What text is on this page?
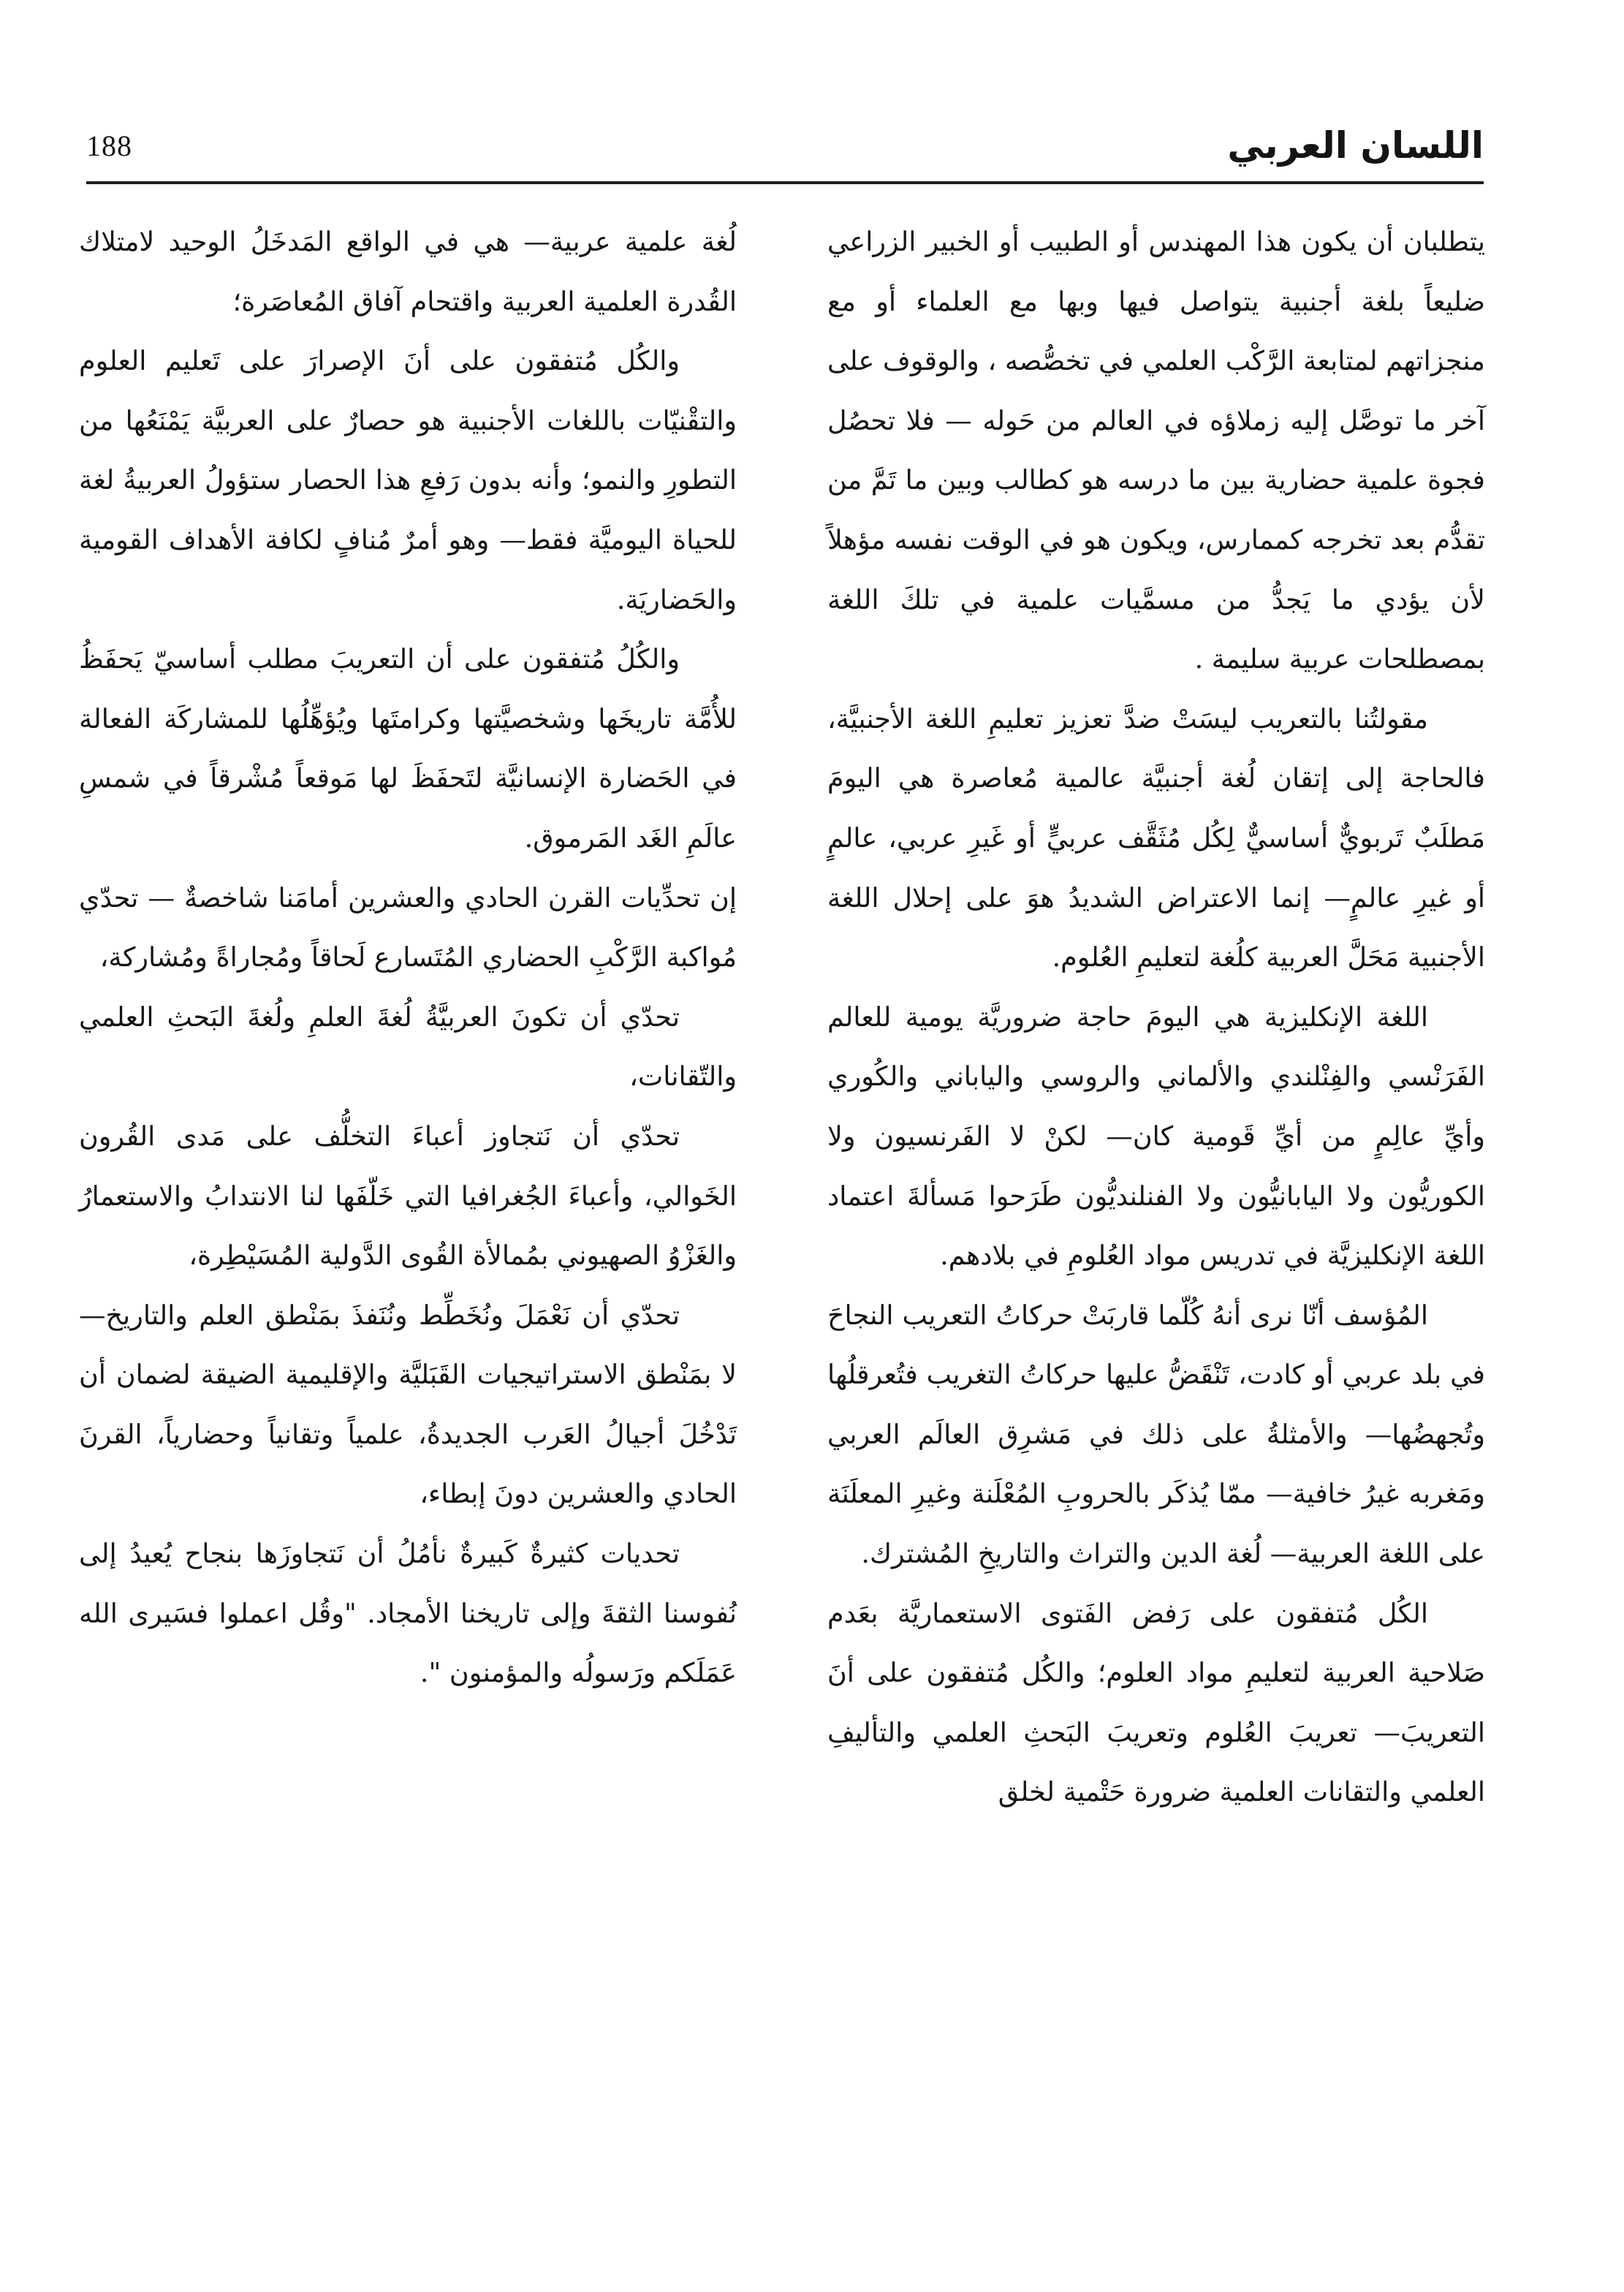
188	اللسان العربي

يتطلبان أن يكون هذا المهندس أو الطبيب أو الخبير الزراعي ضليعاً بلغة أجنبية يتواصل فيها وبها مع العلماء أو مع منجزاتهم لمتابعة الرَّكْب العلمي في تخصُّصه ، والوقوف على آخر ما توصَّل إليه زملاؤه في العالم من حَوله — فلا تحصُل فجوة علمية حضارية بين ما درسه هو كطالب وبين ما تَمَّ من تقدُّم بعد تخرجه كممارس، ويكون هو في الوقت نفسه مؤهلاً لأن يؤدي ما يَجدُّ من مسمَّيات علمية في تلكَ اللغة بمصطلحات عربية سليمة .

مقولتُنا بالتعريب ليسَتْ ضدَّ تعزيز تعليمِ اللغة الأجنبيَّة، فالحاجة إلى إتقان لُغة أجنبيَّة عالمية مُعاصرة هي اليومَ مَطلَبٌ تَربويٌّ أساسيٌّ لِكُل مُثَقَّف عربيٍّ أو غَيرِ عربي، عالمٍ أو غيرِ عالمٍ— إنما الاعتراض الشديدُ هوَ على إحلال اللغة الأجنبية مَحَلَّ العربية كلُغة لتعليمِ العُلوم.

اللغة الإنكليزية هي اليومَ حاجة ضروريَّة يومية للعالم الفَرَنْسي والفِنْلندي والألماني والروسي والياباني والكُوري وأيِّ عالِمٍ من أيِّ قَومية كان— لكنْ لا الفَرنسيون ولا الكوريُّون ولا اليابانيُّون ولا الفنلنديُّون طَرَحوا مَسألةَ اعتماد اللغة الإنكليزيَّة في تدريس مواد العُلومِ في بلادهم.

المُؤسف أنّا نرى أنهُ كُلّما قاربَتْ حركاتُ التعريب النجاحَ في بلد عربي أو كادت، تَنْقَضُّ عليها حركاتُ التغريب فتُعرقلُها وتُجهضُها— والأمثلةُ على ذلك في مَشرِق العالَم العربي ومَغربه غيرُ خافية— ممّا يُذكَر بالحروبِ المُعْلَنة وغيرِ المعلَنَة على اللغة العربية— لُغة الدين والتراث والتاريخِ المُشترك.

الكُل مُتفقون على رَفض الفَتوى الاستعماريَّة بعَدم صَلاحية العربية لتعليمِ مواد العلوم؛ والكُل مُتفقون على أنَ التعريبَ— تعريبَ العُلوم وتعريبَ البَحثِ العلمي والتأليفِ العلمي والتقانات العلمية ضرورة حَتْمية لخلق

لُغة علمية عربية— هي في الواقع المَدخَلُ الوحيد لامتلاك القُدرة العلمية العربية واقتحام آفاق المُعاصَرة؛

والكُل مُتفقون على أنَ الإصرارَ على تَعليم العلوم والتقْنيّات باللغات الأجنبية هو حصارٌ على العربيَّة يَمْنَعُها من التطورِ والنمو؛ وأنه بدون رَفعِ هذا الحصار ستؤولُ العربيةُ لغة للحياة اليوميَّة فقط— وهو أمرٌ مُنافٍ لكافة الأهداف القومية والحَضاريَة.

والكُلُ مُتفقون على أن التعريبَ مطلب أساسيّ يَحفَظُ للأُمَّة تاريخَها وشخصيَّتها وكرامتَها ويُؤهِّلُها للمشاركَة الفعالة في الحَضارة الإنسانيَّة لتَحفَظَ لها مَوقعاً مُشْرقاً في شمسِ عالَمِ الغَد المَرموق.

إن تحدِّيات القرن الحادي والعشرين أمامَنا شاخصةٌ — تحدّي مُواكبة الرَّكْبِ الحضاري المُتَسارع لَحاقاً ومُجاراةً ومُشاركة،

تحدّي أن تكونَ العربيَّةُ لُغةَ العلمِ ولُغةَ البَحثِ العلمي والتّقانات،

تحدّي أن نَتجاوز أعباءَ التخلُّف على مَدى القُرون الخَوالي، وأعباءَ الجُغرافيا التي خَلّفَها لنا الانتدابُ والاستعمارُ والغَزْوُ الصهيوني بمُمالأة القُوى الدَّولية المُسَيْطِرة،

تحدّي أن نَعْمَلَ ونُخَطِّط ونُنَفذَ بمَنْطق العلم والتاريخ— لا بمَنْطق الاستراتيجيات القَبَليَّة والإقليمية الضيقة لضمان أن تَدْخُلَ أجيالُ العَرب الجديدةُ، علمياً وتقانياً وحضارياً، القرنَ الحادي والعشرين دونَ إبطاء،

تحديات كثيرةٌ كَبيرةٌ نأمُلُ أن نَتجاوزَها بنجاح يُعيدُ إلى نُفوسنا الثقةَ وإلى تاريخنا الأمجاد. "وقُل اعملوا فسَيرى الله عَمَلَكم ورَسولُه والمؤمنون ".
